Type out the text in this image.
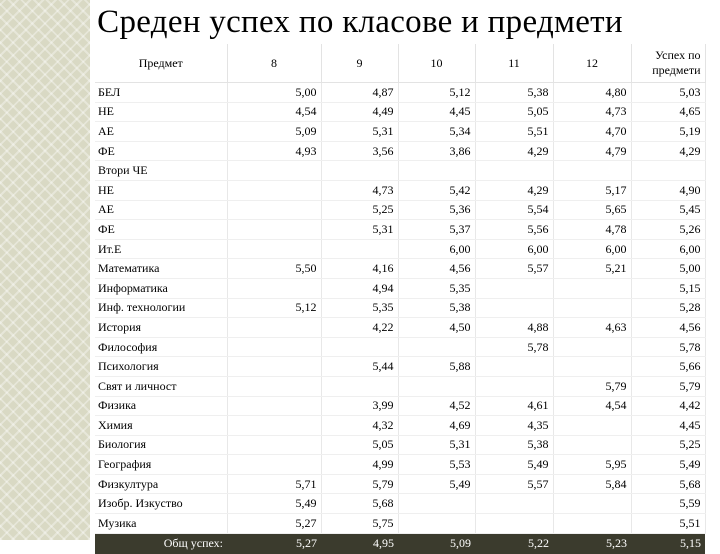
Среден успех по класове и предмети
Предмет	8	9	10	11	12	Успех по предмети
БЕЛ	5,00	4,87	5,12	5,38	4,80	5,03
НЕ	4,54	4,49	4,45	5,05	4,73	4,65
АЕ	5,09	5,31	5,34	5,51	4,70	5,19
ФЕ	4,93	3,56	3,86	4,29	4,79	4,29
Втори ЧЕ						
НЕ		4,73	5,42	4,29	5,17	4,90
АЕ		5,25	5,36	5,54	5,65	5,45
ФЕ		5,31	5,37	5,56	4,78	5,26
Ит.Е			6,00	6,00	6,00	6,00
Математика	5,50	4,16	4,56	5,57	5,21	5,00
Информатика		4,94	5,35			5,15
Инф. технологии	5,12	5,35	5,38			5,28
История		4,22	4,50	4,88	4,63	4,56
Философия				5,78		5,78
Психология		5,44	5,88			5,66
Свят и личност					5,79	5,79
Физика		3,99	4,52	4,61	4,54	4,42
Химия		4,32	4,69	4,35		4,45
Биология		5,05	5,31	5,38		5,25
География		4,99	5,53	5,49	5,95	5,49
Физкултура	5,71	5,79	5,49	5,57	5,84	5,68
Изобр. Изкуство	5,49	5,68				5,59
Музика	5,27	5,75				5,51
Общ успех:	5,27	4,95	5,09	5,22	5,23	5,15
